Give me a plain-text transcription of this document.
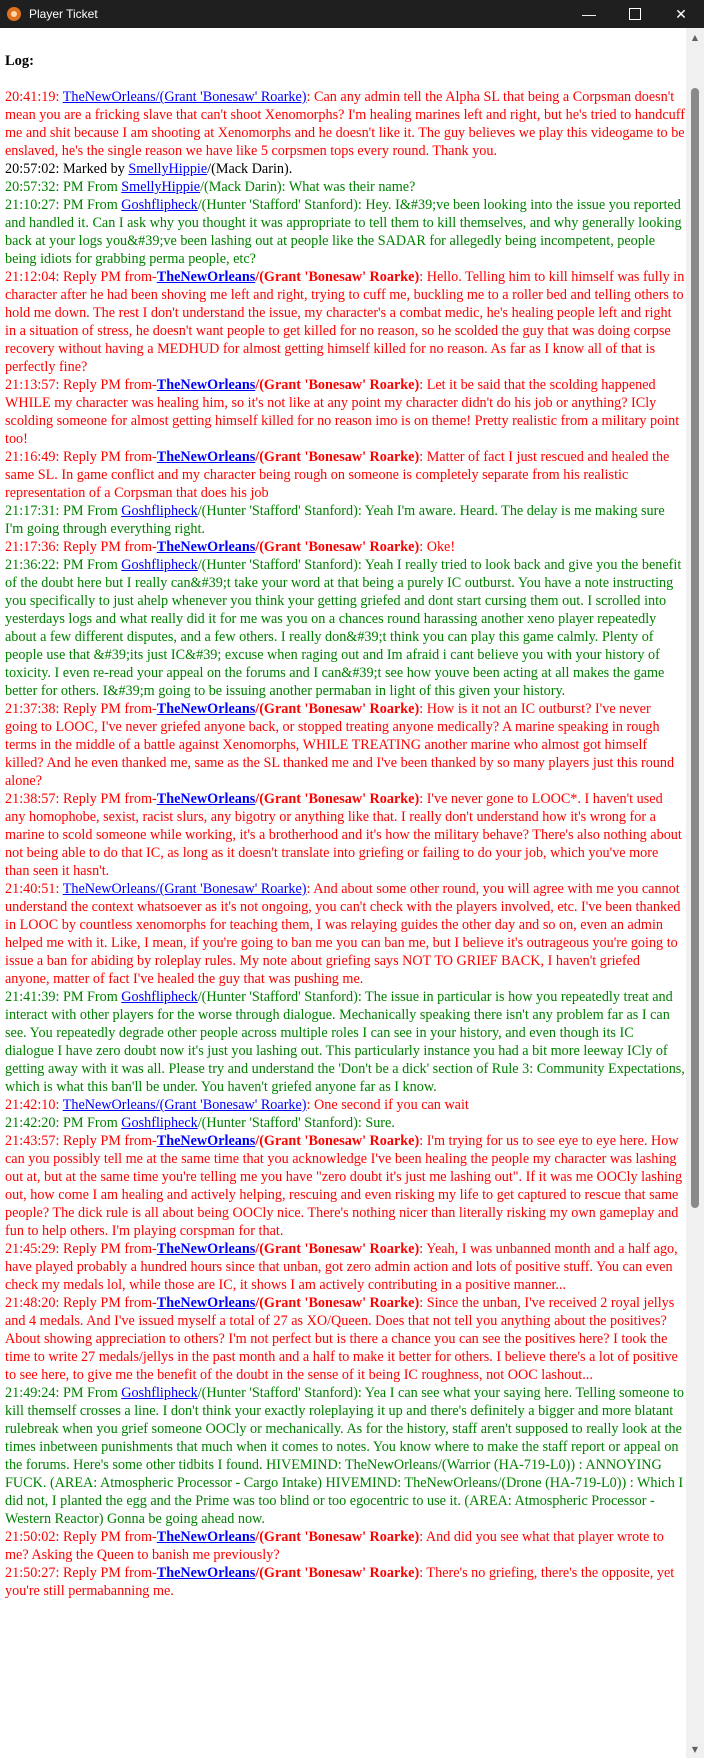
Player Ticket	—	✕
Log:
20:41:19: TheNewOrleans/(Grant 'Bonesaw' Roarke): Can any admin tell the Alpha SL that being a Corpsman doesn't mean you are a fricking slave that can't shoot Xenomorphs? I'm healing marines left and right, but he's tried to handcuff me and shit because I am shooting at Xenomorphs and he doesn't like it. The guy believes we play this videogame to be enslaved, he's the single reason we have like 5 corpsmen tops every round. Thank you.
20:57:02: Marked by SmellyHippie/(Mack Darin).
20:57:32: PM From SmellyHippie/(Mack Darin): What was their name?
21:10:27: PM From Goshflipheck/(Hunter 'Stafford' Stanford): Hey. I&#39;ve been looking into the issue you reported and handled it. Can I ask why you thought it was appropriate to tell them to kill themselves, and why generally looking back at your logs you&#39;ve been lashing out at people like the SADAR for allegedly being incompetent, people being idiots for grabbing perma people, etc?
21:12:04: Reply PM from-TheNewOrleans/(Grant 'Bonesaw' Roarke): Hello. Telling him to kill himself was fully in character after he had been shoving me left and right, trying to cuff me, buckling me to a roller bed and telling others to hold me down. The rest I don't understand the issue, my character's a combat medic, he's healing people left and right in a situation of stress, he doesn't want people to get killed for no reason, so he scolded the guy that was doing corpse recovery without having a MEDHUD for almost getting himself killed for no reason. As far as I know all of that is perfectly fine?
21:13:57: Reply PM from-TheNewOrleans/(Grant 'Bonesaw' Roarke): Let it be said that the scolding happened WHILE my character was healing him, so it's not like at any point my character didn't do his job or anything? ICly scolding someone for almost getting himself killed for no reason imo is on theme! Pretty realistic from a military point too!
21:16:49: Reply PM from-TheNewOrleans/(Grant 'Bonesaw' Roarke): Matter of fact I just rescued and healed the same SL. In game conflict and my character being rough on someone is completely separate from his realistic representation of a Corpsman that does his job
21:17:31: PM From Goshflipheck/(Hunter 'Stafford' Stanford): Yeah I'm aware. Heard. The delay is me making sure I'm going through everything right.
21:17:36: Reply PM from-TheNewOrleans/(Grant 'Bonesaw' Roarke): Oke!
21:36:22: PM From Goshflipheck/(Hunter 'Stafford' Stanford): Yeah I really tried to look back and give you the benefit of the doubt here but I really can&#39;t take your word at that being a purely IC outburst. You have a note instructing you specifically to just ahelp whenever you think your getting griefed and dont start cursing them out. I scrolled into yesterdays logs and what really did it for me was you on a chances round harassing another xeno player repeatedly about a few different disputes, and a few others. I really don&#39;t think you can play this game calmly. Plenty of people use that &#39;its just IC&#39; excuse when raging out and Im afraid i cant believe you with your history of toxicity. I even re-read your appeal on the forums and I can&#39;t see how youve been acting at all makes the game better for others. I&#39;m going to be issuing another permaban in light of this given your history.
21:37:38: Reply PM from-TheNewOrleans/(Grant 'Bonesaw' Roarke): How is it not an IC outburst? I've never going to LOOC, I've never griefed anyone back, or stopped treating anyone medically? A marine speaking in rough terms in the middle of a battle against Xenomorphs, WHILE TREATING another marine who almost got himself killed? And he even thanked me, same as the SL thanked me and I've been thanked by so many players just this round alone?
21:38:57: Reply PM from-TheNewOrleans/(Grant 'Bonesaw' Roarke): I've never gone to LOOC*. I haven't used any homophobe, sexist, racist slurs, any bigotry or anything like that. I really don't understand how it's wrong for a marine to scold someone while working, it's a brotherhood and it's how the military behave? There's also nothing about not being able to do that IC, as long as it doesn't translate into griefing or failing to do your job, which you've more than seen it hasn't.
21:40:51: TheNewOrleans/(Grant 'Bonesaw' Roarke): And about some other round, you will agree with me you cannot understand the context whatsoever as it's not ongoing, you can't check with the players involved, etc. I've been thanked in LOOC by countless xenomorphs for teaching them, I was relaying guides the other day and so on, even an admin helped me with it. Like, I mean, if you're going to ban me you can ban me, but I believe it's outrageous you're going to issue a ban for abiding by roleplay rules. My note about griefing says NOT TO GRIEF BACK, I haven't griefed anyone, matter of fact I've healed the guy that was pushing me.
21:41:39: PM From Goshflipheck/(Hunter 'Stafford' Stanford): The issue in particular is how you repeatedly treat and interact with other players for the worse through dialogue. Mechanically speaking there isn't any problem far as I can see. You repeatedly degrade other people across multiple roles I can see in your history, and even though its IC dialogue I have zero doubt now it's just you lashing out. This particularly instance you had a bit more leeway ICly of getting away with it was all. Please try and understand the 'Don't be a dick' section of Rule 3: Community Expectations, which is what this ban'll be under. You haven't griefed anyone far as I know.
21:42:10: TheNewOrleans/(Grant 'Bonesaw' Roarke): One second if you can wait
21:42:20: PM From Goshflipheck/(Hunter 'Stafford' Stanford): Sure.
21:43:57: Reply PM from-TheNewOrleans/(Grant 'Bonesaw' Roarke): I'm trying for us to see eye to eye here. How can you possibly tell me at the same time that you acknowledge I've been healing the people my character was lashing out at, but at the same time you're telling me you have "zero doubt it's just me lashing out". If it was me OOCly lashing out, how come I am healing and actively helping, rescuing and even risking my life to get captured to rescue that same people? The dick rule is all about being OOCly nice. There's nothing nicer than literally risking my own gameplay and fun to help others. I'm playing corspman for that.
21:45:29: Reply PM from-TheNewOrleans/(Grant 'Bonesaw' Roarke): Yeah, I was unbanned month and a half ago, have played probably a hundred hours since that unban, got zero admin action and lots of positive stuff. You can even check my medals lol, while those are IC, it shows I am actively contributing in a positive manner...
21:48:20: Reply PM from-TheNewOrleans/(Grant 'Bonesaw' Roarke): Since the unban, I've received 2 royal jellys and 4 medals. And I've issued myself a total of 27 as XO/Queen. Does that not tell you anything about the positives? About showing appreciation to others? I'm not perfect but is there a chance you can see the positives here? I took the time to write 27 medals/jellys in the past month and a half to make it better for others. I believe there's a lot of positive to see here, to give me the benefit of the doubt in the sense of it being IC roughness, not OOC lashout...
21:49:24: PM From Goshflipheck/(Hunter 'Stafford' Stanford): Yea I can see what your saying here. Telling someone to kill themself crosses a line. I don't think your exactly roleplaying it up and there's definitely a bigger and more blatant rulebreak when you grief someone OOCly or mechanically. As for the history, staff aren't supposed to really look at the times inbetween punishments that much when it comes to notes. You know where to make the staff report or appeal on the forums. Here's some other tidbits I found. HIVEMIND: TheNewOrleans/(Warrior (HA-719-L0)) : ANNOYING FUCK. (AREA: Atmospheric Processor - Cargo Intake) HIVEMIND: TheNewOrleans/(Drone (HA-719-L0)) : Which I did not, I planted the egg and the Prime was too blind or too egocentric to use it. (AREA: Atmospheric Processor - Western Reactor) Gonna be going ahead now.
21:50:02: Reply PM from-TheNewOrleans/(Grant 'Bonesaw' Roarke): And did you see what that player wrote to me? Asking the Queen to banish me previously?
21:50:27: Reply PM from-TheNewOrleans/(Grant 'Bonesaw' Roarke): There's no griefing, there's the opposite, yet you're still permabanning me.
▲
▼
